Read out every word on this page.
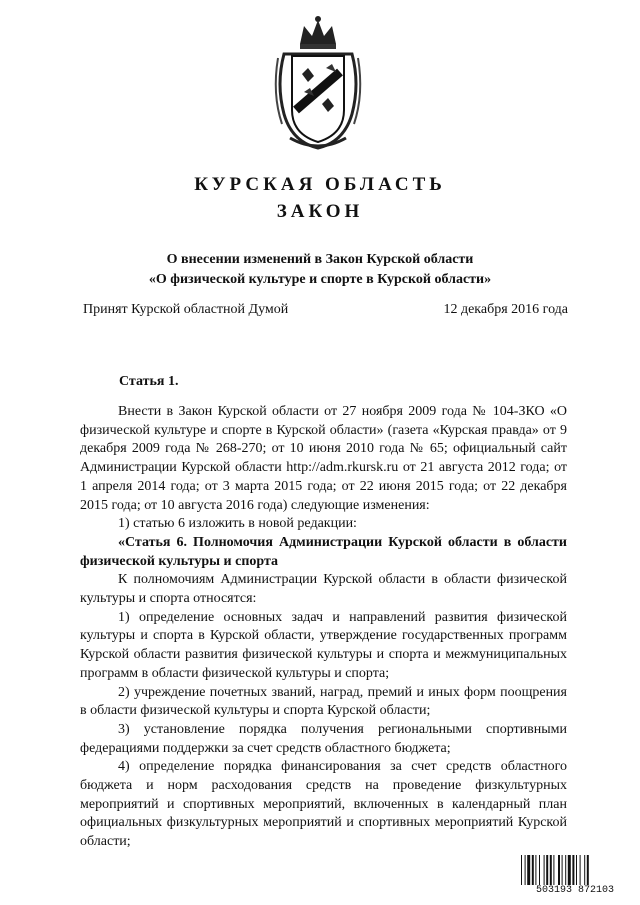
КУРСКАЯ ОБЛАСТЬ
ЗАКОН
О внесении изменений в Закон Курской области
«О физической культуре и спорте в Курской области»
Принят Курской областной Думой	12 декабря 2016 года
Статья 1.

Внести в Закон Курской области от 27 ноября 2009 года № 104-ЗКО «О физической культуре и спорте в Курской области» (газета «Курская правда» от 9 декабря 2009 года № 268-270; от 10 июня 2010 года № 65; официальный сайт Администрации Курской области http://adm.rkursk.ru от 21 августа 2012 года; от 1 апреля 2014 года; от 3 марта 2015 года; от 22 июня 2015 года; от 22 декабря 2015 года; от 10 августа 2016 года) следующие изменения:

1) статью 6 изложить в новой редакции:

«Статья 6. Полномочия Администрации Курской области в области физической культуры и спорта

К полномочиям Администрации Курской области в области физической культуры и спорта относятся:

1) определение основных задач и направлений развития физической культуры и спорта в Курской области, утверждение государственных программ Курской области развития физической культуры и спорта и межмуниципальных программ в области физической культуры и спорта;

2) учреждение почетных званий, наград, премий и иных форм поощрения в области физической культуры и спорта Курской области;

3) установление порядка получения региональными спортивными федерациями поддержки за счет средств областного бюджета;

4) определение порядка финансирования за счет средств областного бюджета и норм расходования средств на проведение физкультурных мероприятий и спортивных мероприятий, включенных в календарный план официальных физкультурных мероприятий и спортивных мероприятий Курской области;

503193 872103
